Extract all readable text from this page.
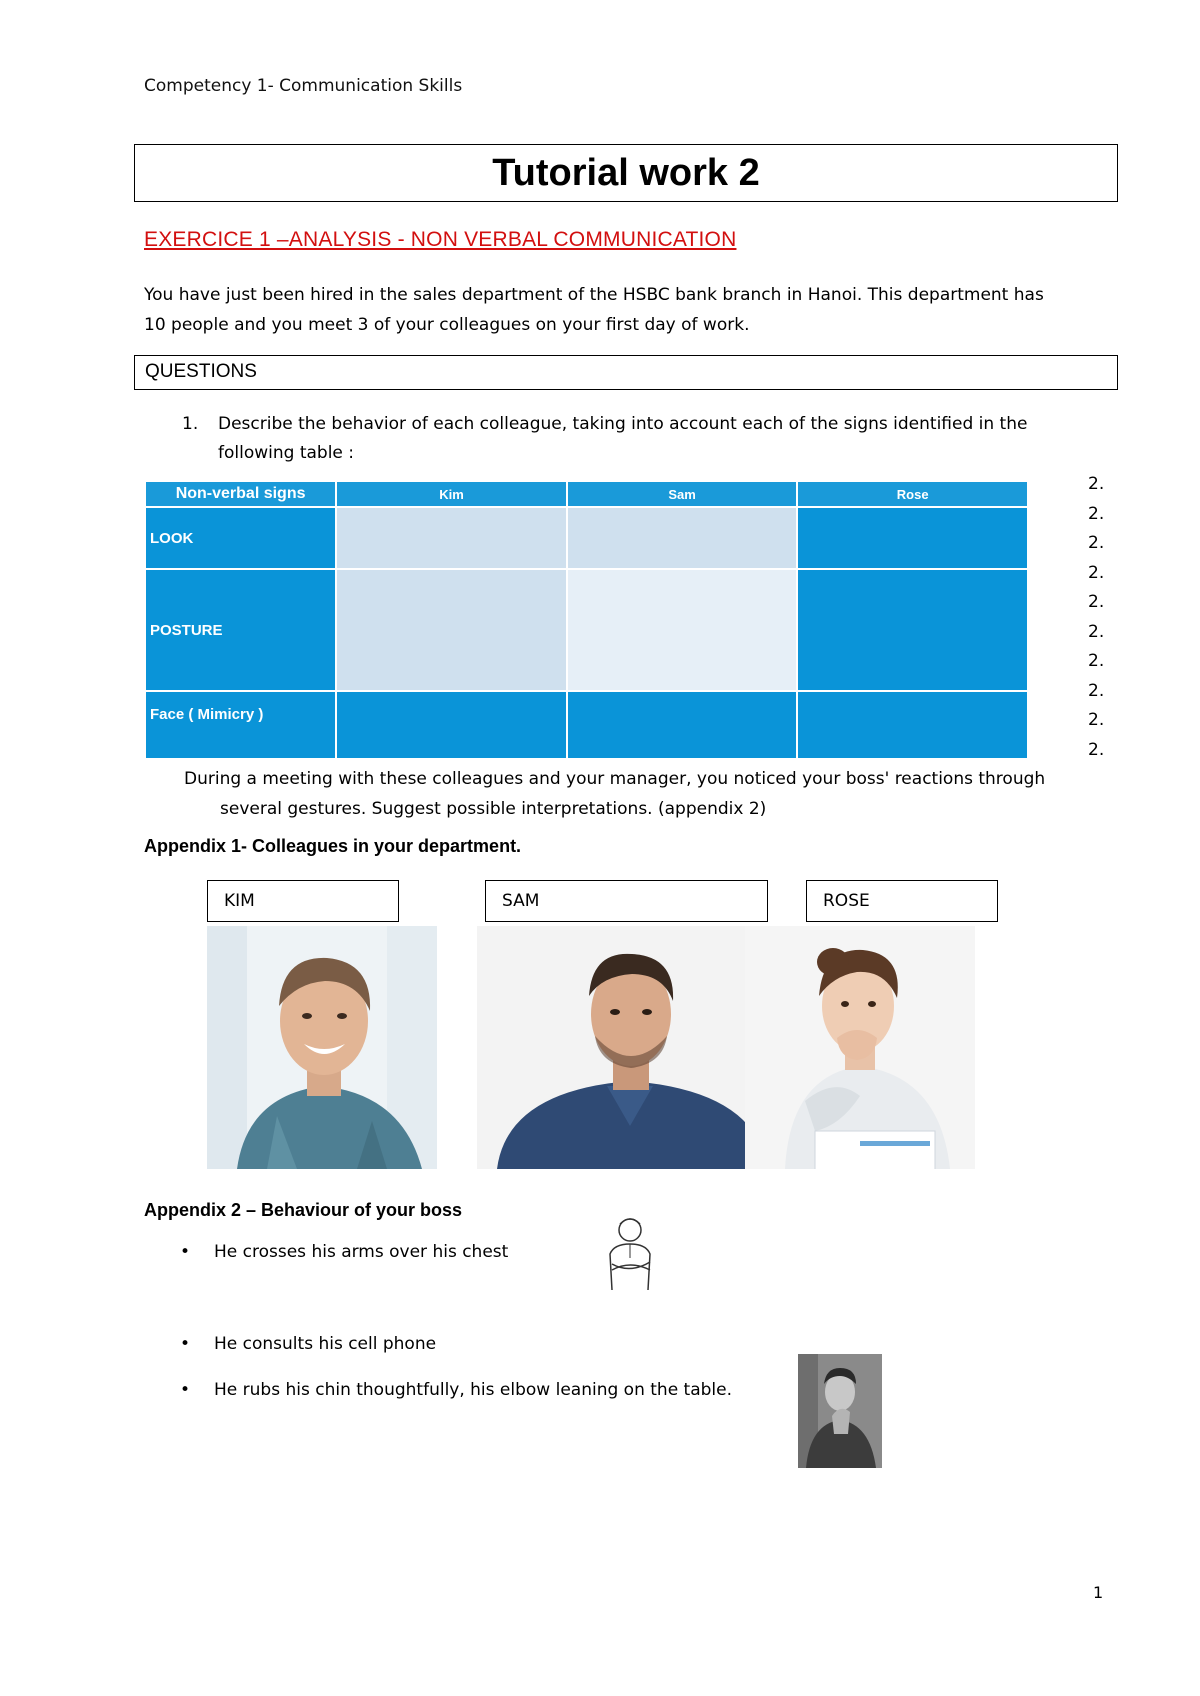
Competency 1- Communication Skills
Tutorial work 2
EXERCICE 1 –ANALYSIS - NON VERBAL COMMUNICATION
You have just been hired in the sales department of the HSBC bank branch in Hanoi. This department has
10 people and you meet 3 of your colleagues on your first day of work.
QUESTIONS
1. Describe the behavior of each colleague, taking into account each of the signs identified in the
following table :
Non-verbal signs	Kim	Sam	Rose
LOOK			
POSTURE			
Face ( Mimicry )			
2.
2.
2.
2.
2.
2.
2.
2.
2.
2.
During a meeting with these colleagues and your manager, you noticed your boss' reactions through
several gestures. Suggest possible interpretations. (appendix 2)
Appendix 1- Colleagues in your department.
KIM	SAM	ROSE
Appendix 2 – Behaviour of your boss
• He crosses his arms over his chest
• He consults his cell phone
• He rubs his chin thoughtfully, his elbow leaning on the table.
1
